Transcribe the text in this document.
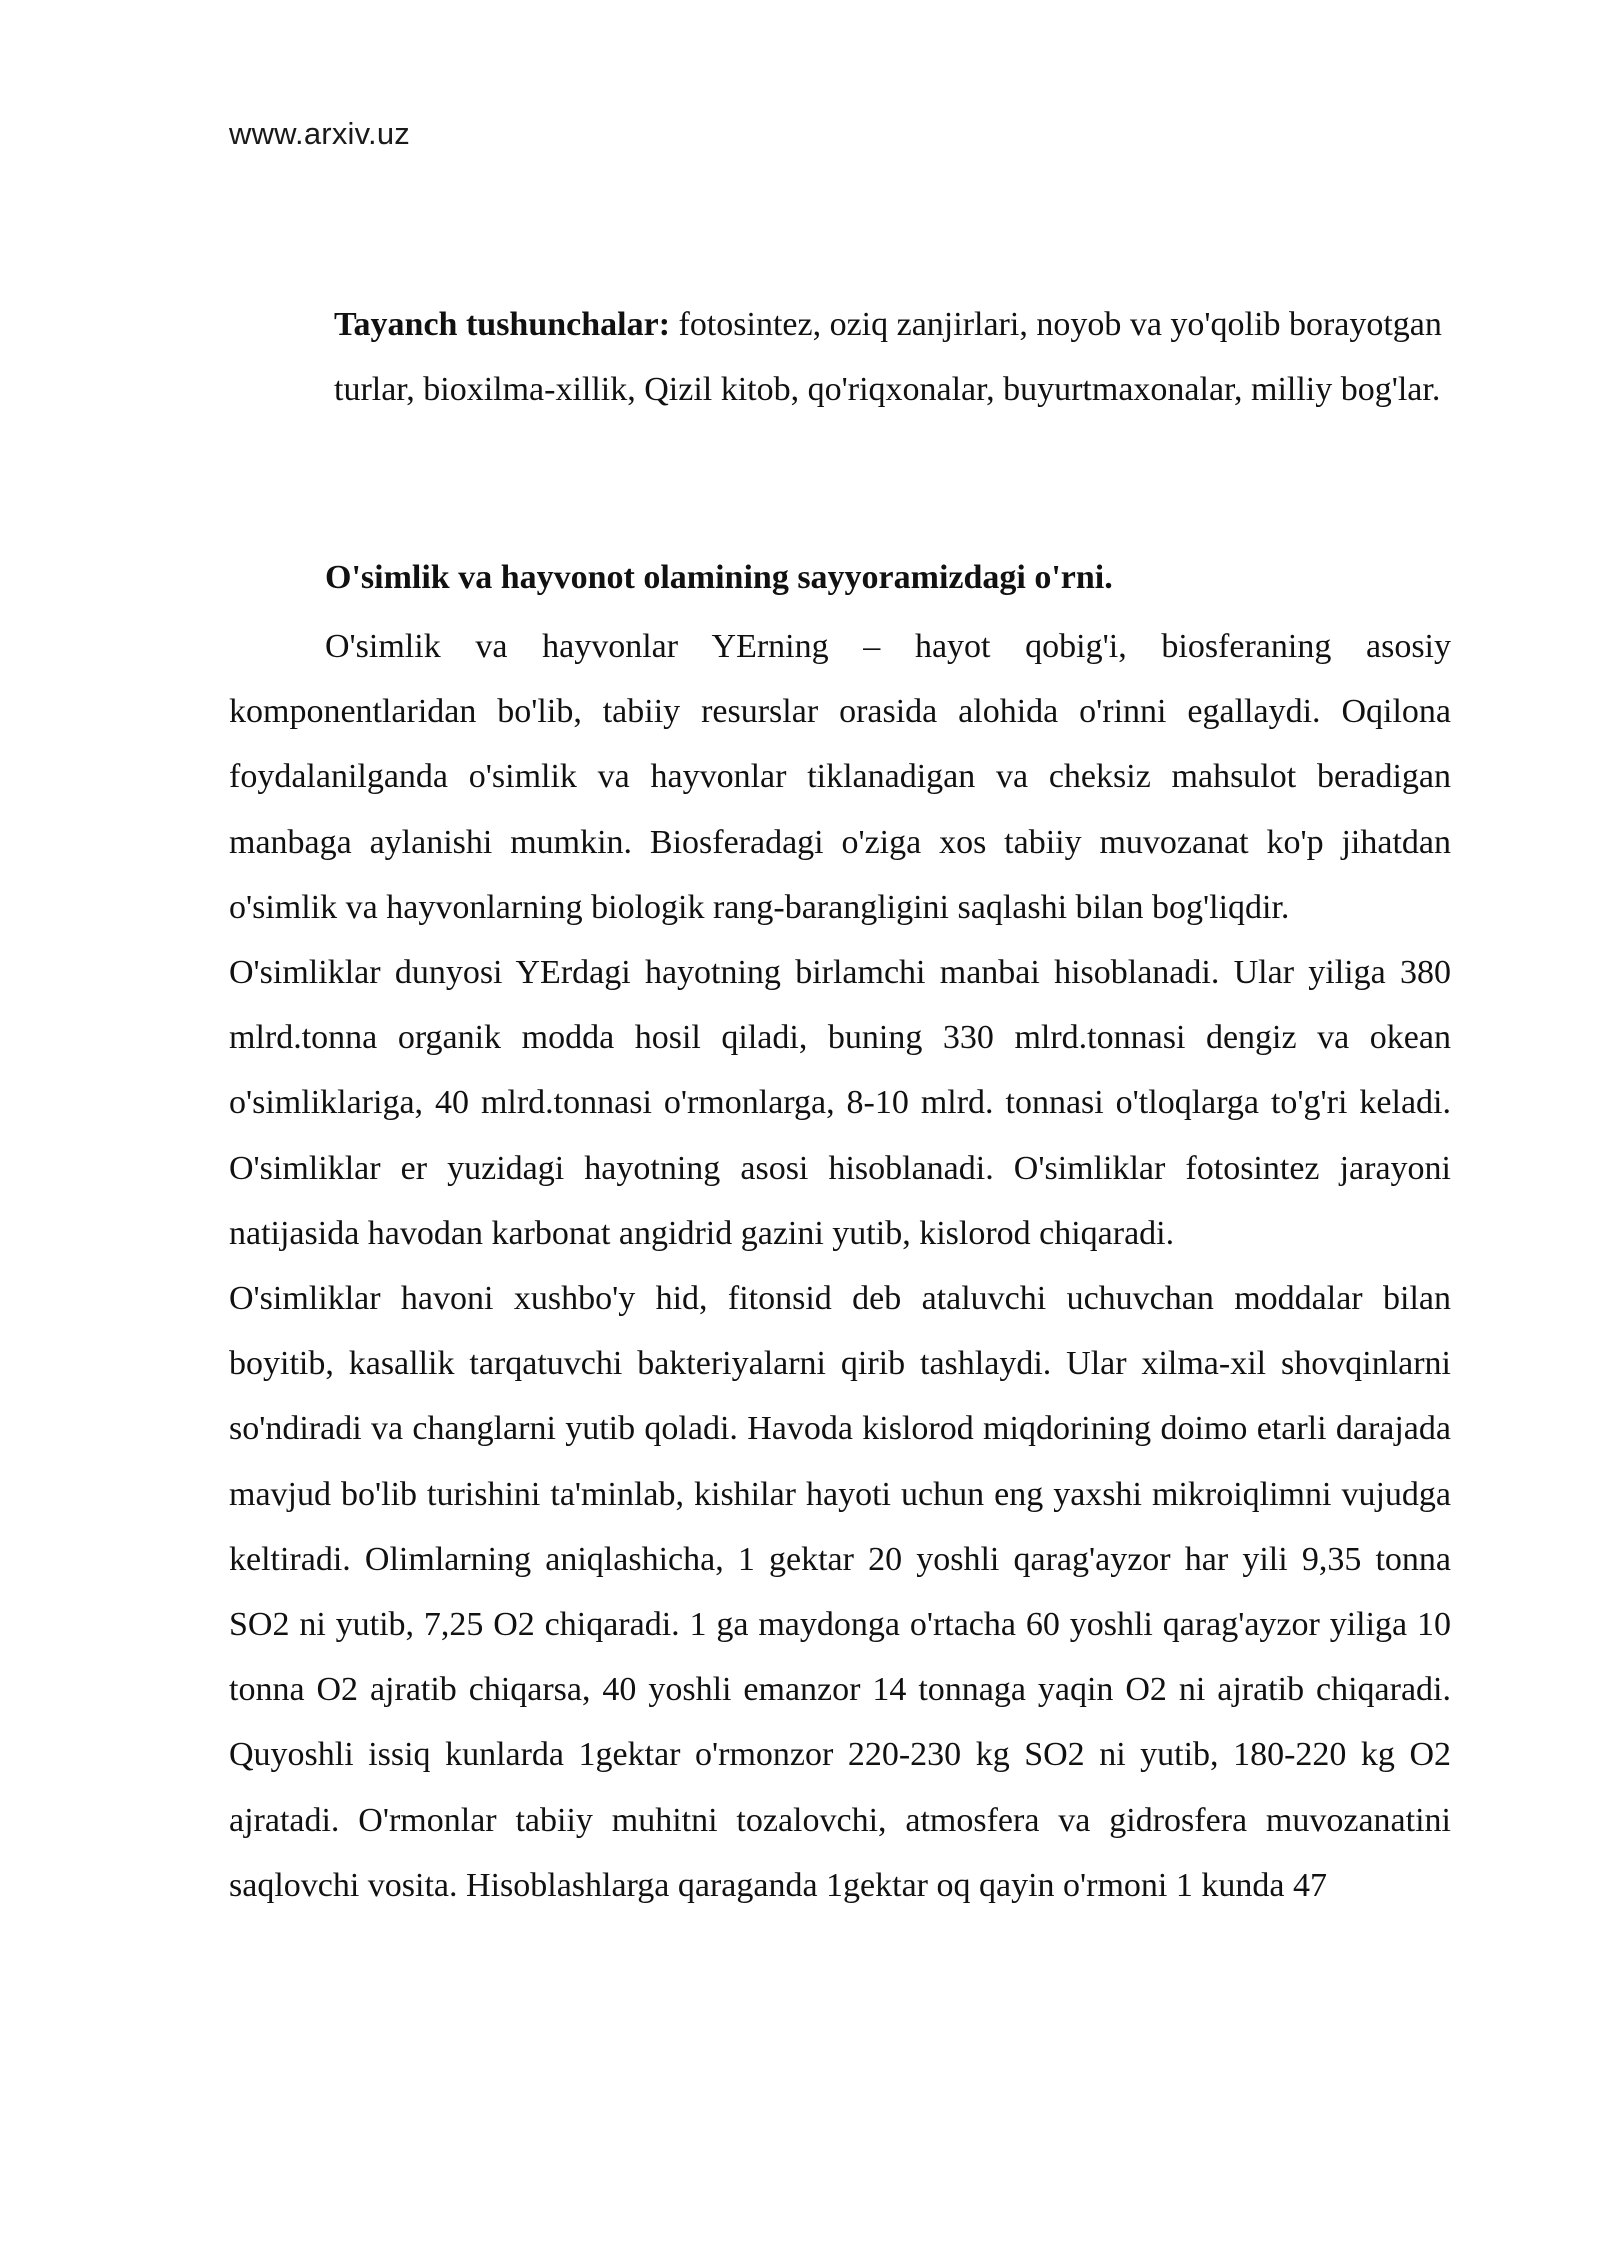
www.arxiv.uz
Tayanch tushunchalar: fotosintez, oziq zanjirlari, noyob va yo'qolib borayotgan turlar, bioxilma-xillik, Qizil kitob, qo'riqxonalar, buyurtmaxonalar, milliy bog'lar.
O'simlik va hayvonot olamining sayyoramizdagi o'rni.

O'simlik va hayvonlar YErning – hayot qobig'i, biosferaning asosiy komponentlaridan bo'lib, tabiiy resurslar orasida alohida o'rinni egallaydi. Oqilona foydalanilganda o'simlik va hayvonlar tiklanadigan va cheksiz mahsulot beradigan manbaga aylanishi mumkin. Biosferadagi o'ziga xos tabiiy muvozanat ko'p jihatdan o'simlik va hayvonlarning biologik rang-barangligini saqlashi bilan bog'liqdir.

O'simliklar dunyosi YErdagi hayotning birlamchi manbai hisoblanadi. Ular yiliga 380 mlrd.tonna organik modda hosil qiladi, buning 330 mlrd.tonnasi dengiz va okean o'simliklariga, 40 mlrd.tonnasi o'rmonlarga, 8-10 mlrd. tonnasi o'tloqlarga to'g'ri keladi. O'simliklar er yuzidagi hayotning asosi hisoblanadi. O'simliklar fotosintez jarayoni natijasida havodan karbonat angidrid gazini yutib, kislorod chiqaradi.

O'simliklar havoni xushbo'y hid, fitonsid deb ataluvchi uchuvchan moddalar bilan boyitib, kasallik tarqatuvchi bakteriyalarni qirib tashlaydi. Ular xilma-xil shovqinlarni so'ndiradi va changlarni yutib qoladi. Havoda kislorod miqdorining doimo etarli darajada mavjud bo'lib turishini ta'minlab, kishilar hayoti uchun eng yaxshi mikroiqlimni vujudga keltiradi. Olimlarning aniqlashicha, 1 gektar 20 yoshli qarag'ayzor har yili 9,35 tonna SO2 ni yutib, 7,25 O2 chiqaradi. 1 ga maydonga o'rtacha 60 yoshli qarag'ayzor yiliga 10 tonna O2 ajratib chiqarsa, 40 yoshli emanzor 14 tonnaga yaqin O2 ni ajratib chiqaradi. Quyoshli issiq kunlarda 1gektar o'rmonzor 220-230 kg SO2 ni yutib, 180-220 kg O2 ajratadi. O'rmonlar tabiiy muhitni tozalovchi, atmosfera va gidrosfera muvozanatini saqlovchi vosita. Hisoblashlarga qaraganda 1gektar oq qayin o'rmoni 1 kunda 47
